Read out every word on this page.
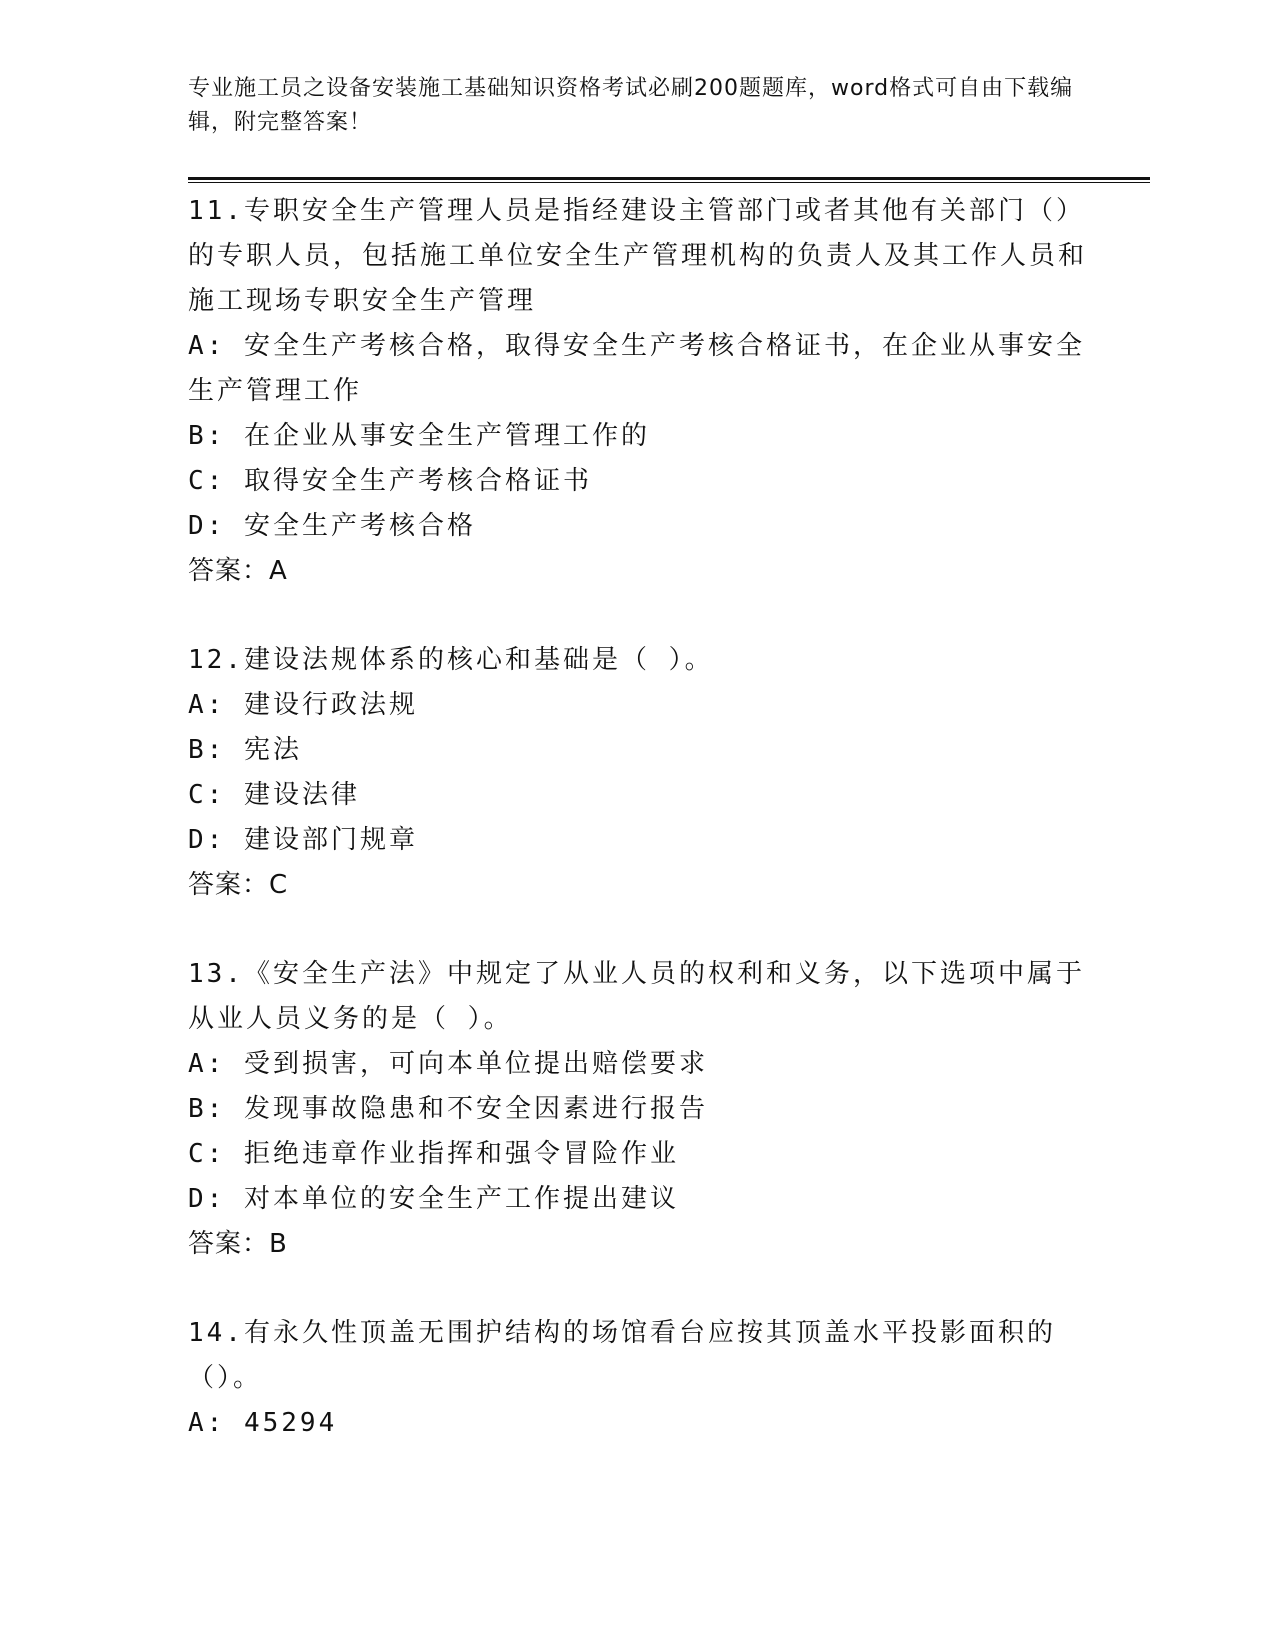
专业施工员之设备安装施工基础知识资格考试必刷200题题库，word格式可自由下载编辑，附完整答案！

11.专职安全生产管理人员是指经建设主管部门或者其他有关部门（）的专职人员，包括施工单位安全生产管理机构的负责人及其工作人员和施工现场专职安全生产管理

A: 安全生产考核合格，取得安全生产考核合格证书，在企业从事安全生产管理工作

B: 在企业从事安全生产管理工作的

C: 取得安全生产考核合格证书

D: 安全生产考核合格

答案：A

12.建设法规体系的核心和基础是（ ）。

A: 建设行政法规

B: 宪法

C: 建设法律

D: 建设部门规章

答案：C

13.《安全生产法》中规定了从业人员的权利和义务，以下选项中属于从业人员义务的是（ ）。

A: 受到损害，可向本单位提出赔偿要求

B: 发现事故隐患和不安全因素进行报告

C: 拒绝违章作业指挥和强令冒险作业

D: 对本单位的安全生产工作提出建议

答案：B

14.有永久性顶盖无围护结构的场馆看台应按其顶盖水平投影面积的（）。

A: 45294
